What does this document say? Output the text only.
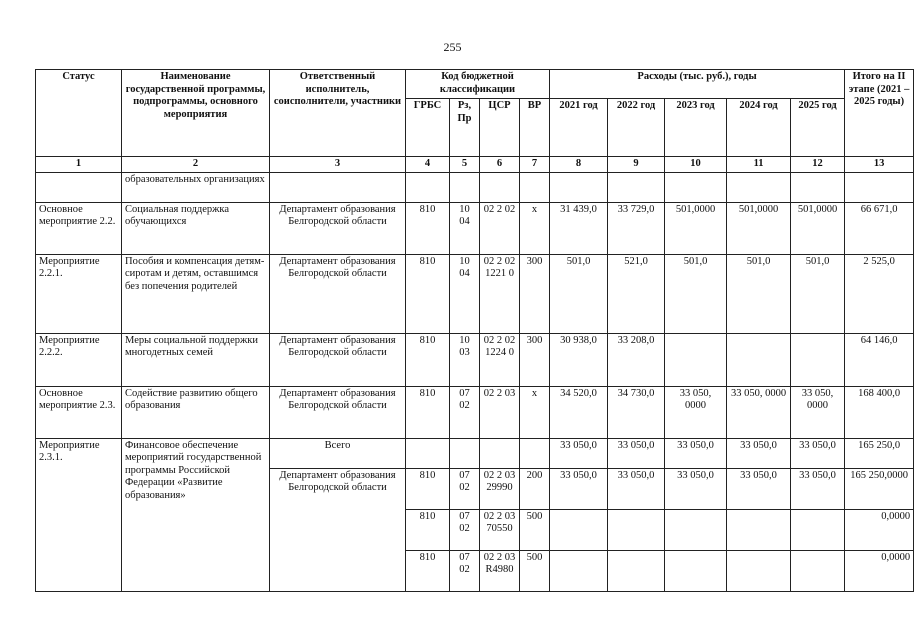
255
Статус	Наименование государственной программы, подпрограммы, основного мероприятия	Ответственный исполнитель, соисполнители, участники	Код бюджетной классификации				Расходы (тыс. руб.), годы					Итого на II этапе (2021 – 2025 годы)
			ГРБС	Рз, Пр	ЦСР	ВР	2021 год	2022 год	2023 год	2024 год	2025 год	
1	2	3	4	5	6	7	8	9	10	11	12	13
	образовательных организациях											
Основное мероприятие 2.2.	Социальная поддержка обучающихся	Департамент образования Белгородской области	810	10 04	02 2 02	х	31 439,0	33 729,0	501,0000	501,0000	501,0000	66 671,0
Мероприятие 2.2.1.	Пособия и компенсация детям-сиротам и детям, оставшимся без попечения родителей	Департамент образования Белгородской области	810	10 04	02 2 02 1221 0	300	501,0	521,0	501,0	501,0	501,0	2 525,0
Мероприятие 2.2.2.	Меры социальной поддержки многодетных семей	Департамент образования Белгородской области	810	10 03	02 2 02 1224 0	300	30 938,0	33 208,0				64 146,0
Основное мероприятие 2.3.	Содействие развитию общего образования	Департамент образования Белгородской области	810	07 02	02 2 03	х	34 520,0	34 730,0	33 050, 0000	33 050, 0000	33 050, 0000	168 400,0
Мероприятие 2.3.1.	Финансовое обеспечение мероприятий государственной программы Российской Федерации «Развитие образования»	Всего					33 050,0	33 050,0	33 050,0	33 050,0	33 050,0	165 250,0
		Департамент образования Белгородской области	810	07 02	02 2 03 29990	200	33 050,0	33 050,0	33 050,0	33 050,0	33 050,0	165 250,0000
			810	07 02	02 2 03 70550	500						0,0000
			810	07 02	02 2 03 R4980	500						0,0000
